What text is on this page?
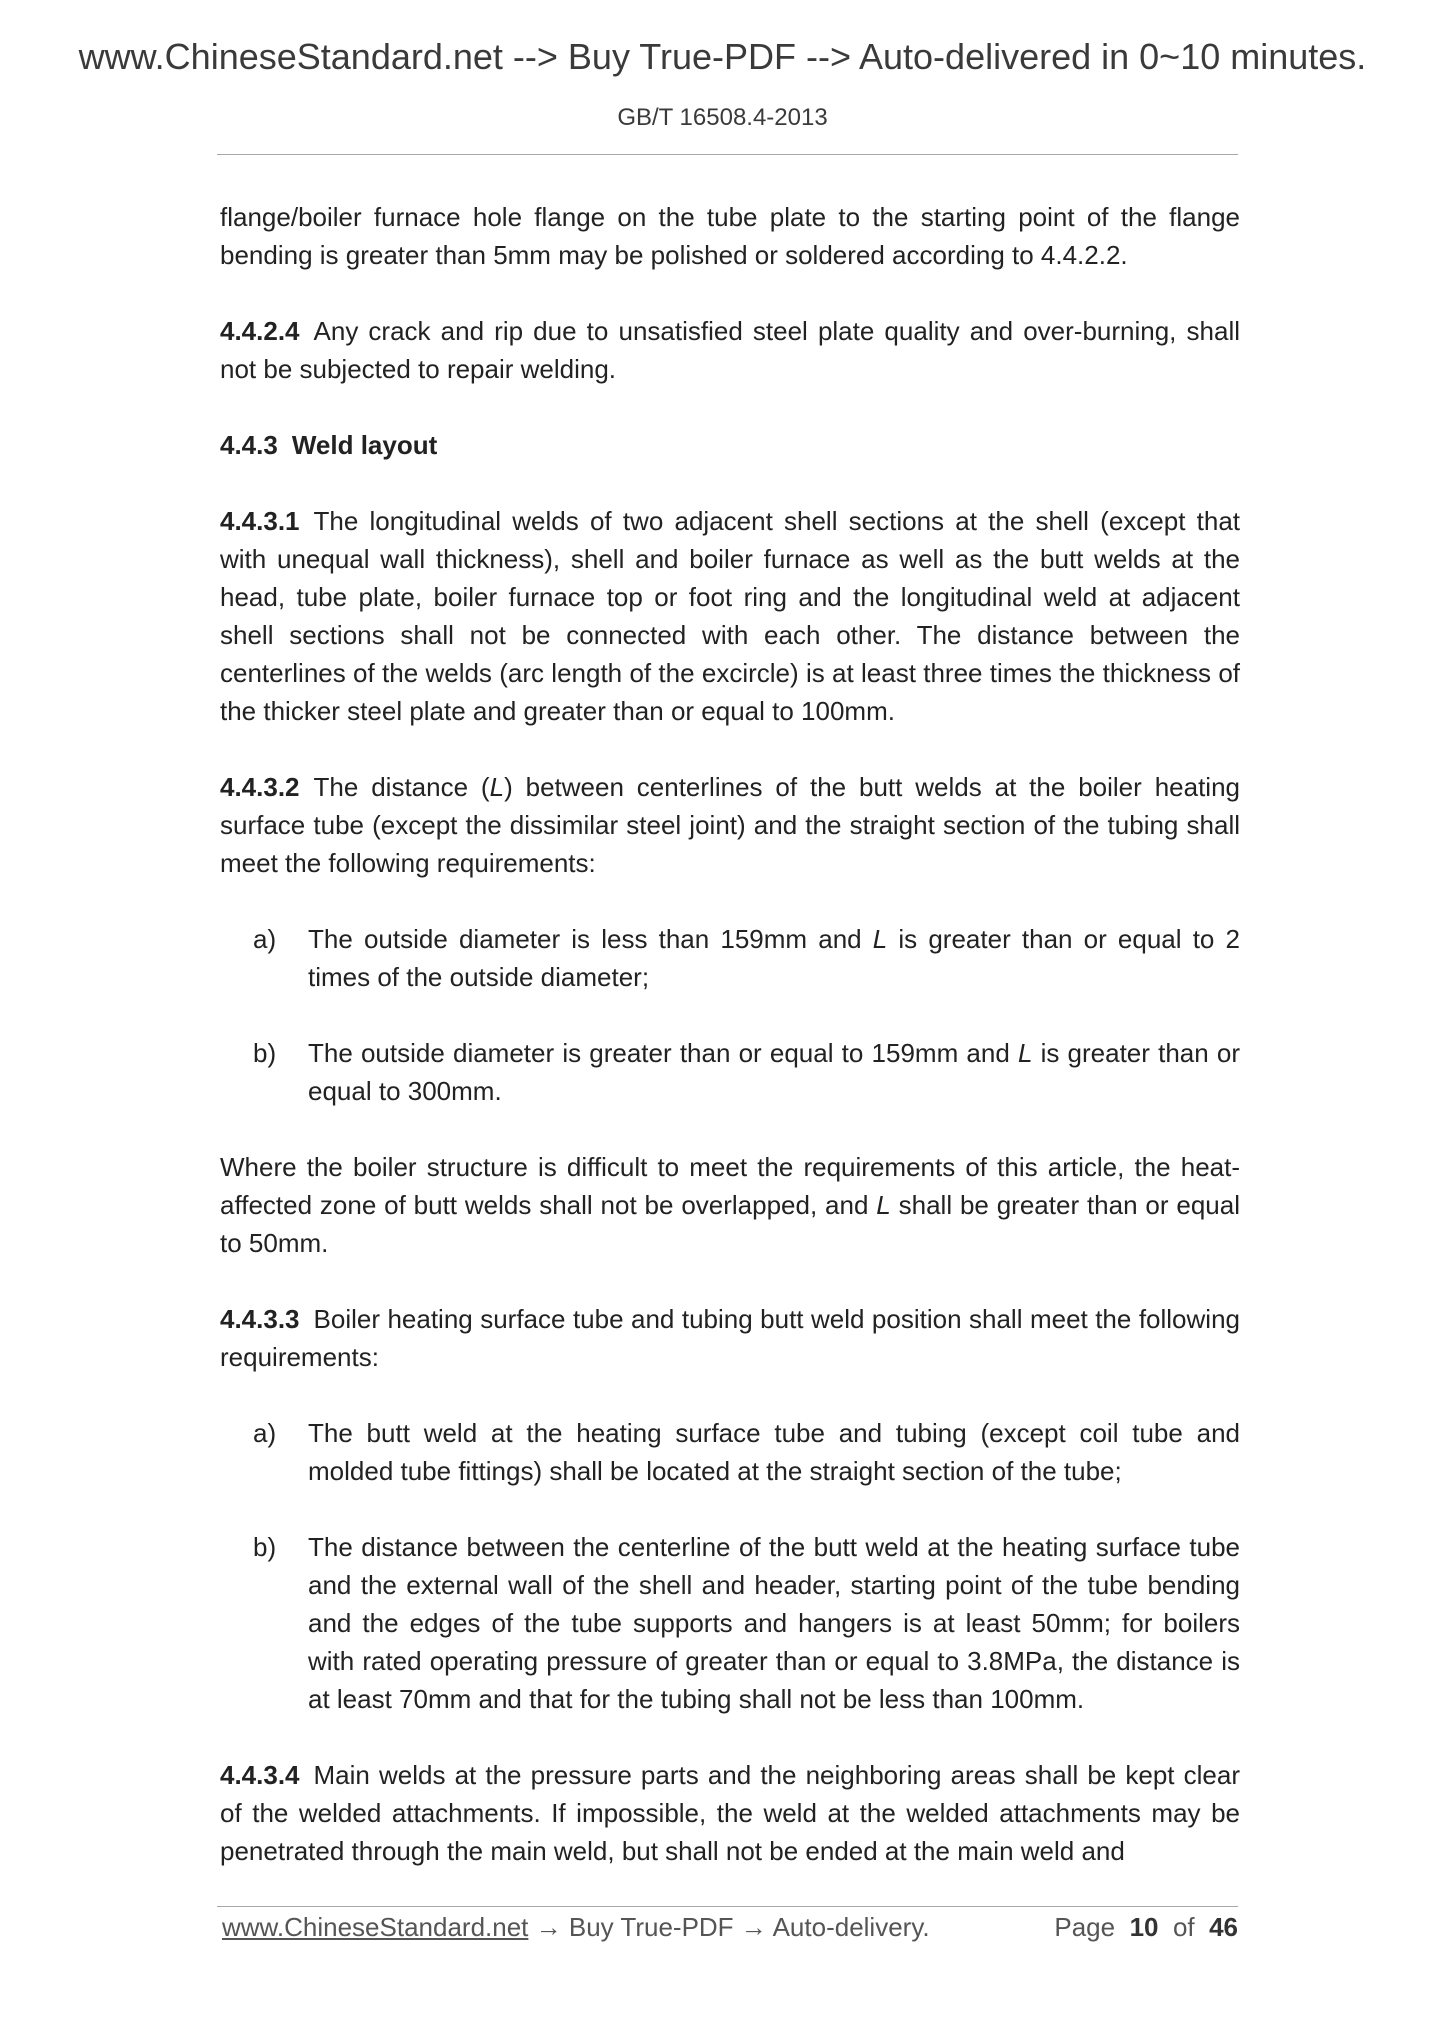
www.ChineseStandard.net --> Buy True-PDF --> Auto-delivered in 0~10 minutes.
GB/T 16508.4-2013

flange/boiler furnace hole flange on the tube plate to the starting point of the flange bending is greater than 5mm may be polished or soldered according to 4.4.2.2.

4.4.2.4 Any crack and rip due to unsatisfied steel plate quality and over-burning, shall not be subjected to repair welding.

4.4.3 Weld layout

4.4.3.1 The longitudinal welds of two adjacent shell sections at the shell (except that with unequal wall thickness), shell and boiler furnace as well as the butt welds at the head, tube plate, boiler furnace top or foot ring and the longitudinal weld at adjacent shell sections shall not be connected with each other. The distance between the centerlines of the welds (arc length of the excircle) is at least three times the thickness of the thicker steel plate and greater than or equal to 100mm.

4.4.3.2 The distance (L) between centerlines of the butt welds at the boiler heating surface tube (except the dissimilar steel joint) and the straight section of the tubing shall meet the following requirements:

a)	The outside diameter is less than 159mm and L is greater than or equal to 2 times of the outside diameter;
b)	The outside diameter is greater than or equal to 159mm and L is greater than or equal to 300mm.

Where the boiler structure is difficult to meet the requirements of this article, the heat-affected zone of butt welds shall not be overlapped, and L shall be greater than or equal to 50mm.

4.4.3.3 Boiler heating surface tube and tubing butt weld position shall meet the following requirements:

a)	The butt weld at the heating surface tube and tubing (except coil tube and molded tube fittings) shall be located at the straight section of the tube;
b)	The distance between the centerline of the butt weld at the heating surface tube and the external wall of the shell and header, starting point of the tube bending and the edges of the tube supports and hangers is at least 50mm; for boilers with rated operating pressure of greater than or equal to 3.8MPa, the distance is at least 70mm and that for the tubing shall not be less than 100mm.

4.4.3.4 Main welds at the pressure parts and the neighboring areas shall be kept clear of the welded attachments. If impossible, the weld at the welded attachments may be penetrated through the main weld, but shall not be ended at the main weld and

www.ChineseStandard.net → Buy True-PDF → Auto-delivery.	Page 10 of 46
